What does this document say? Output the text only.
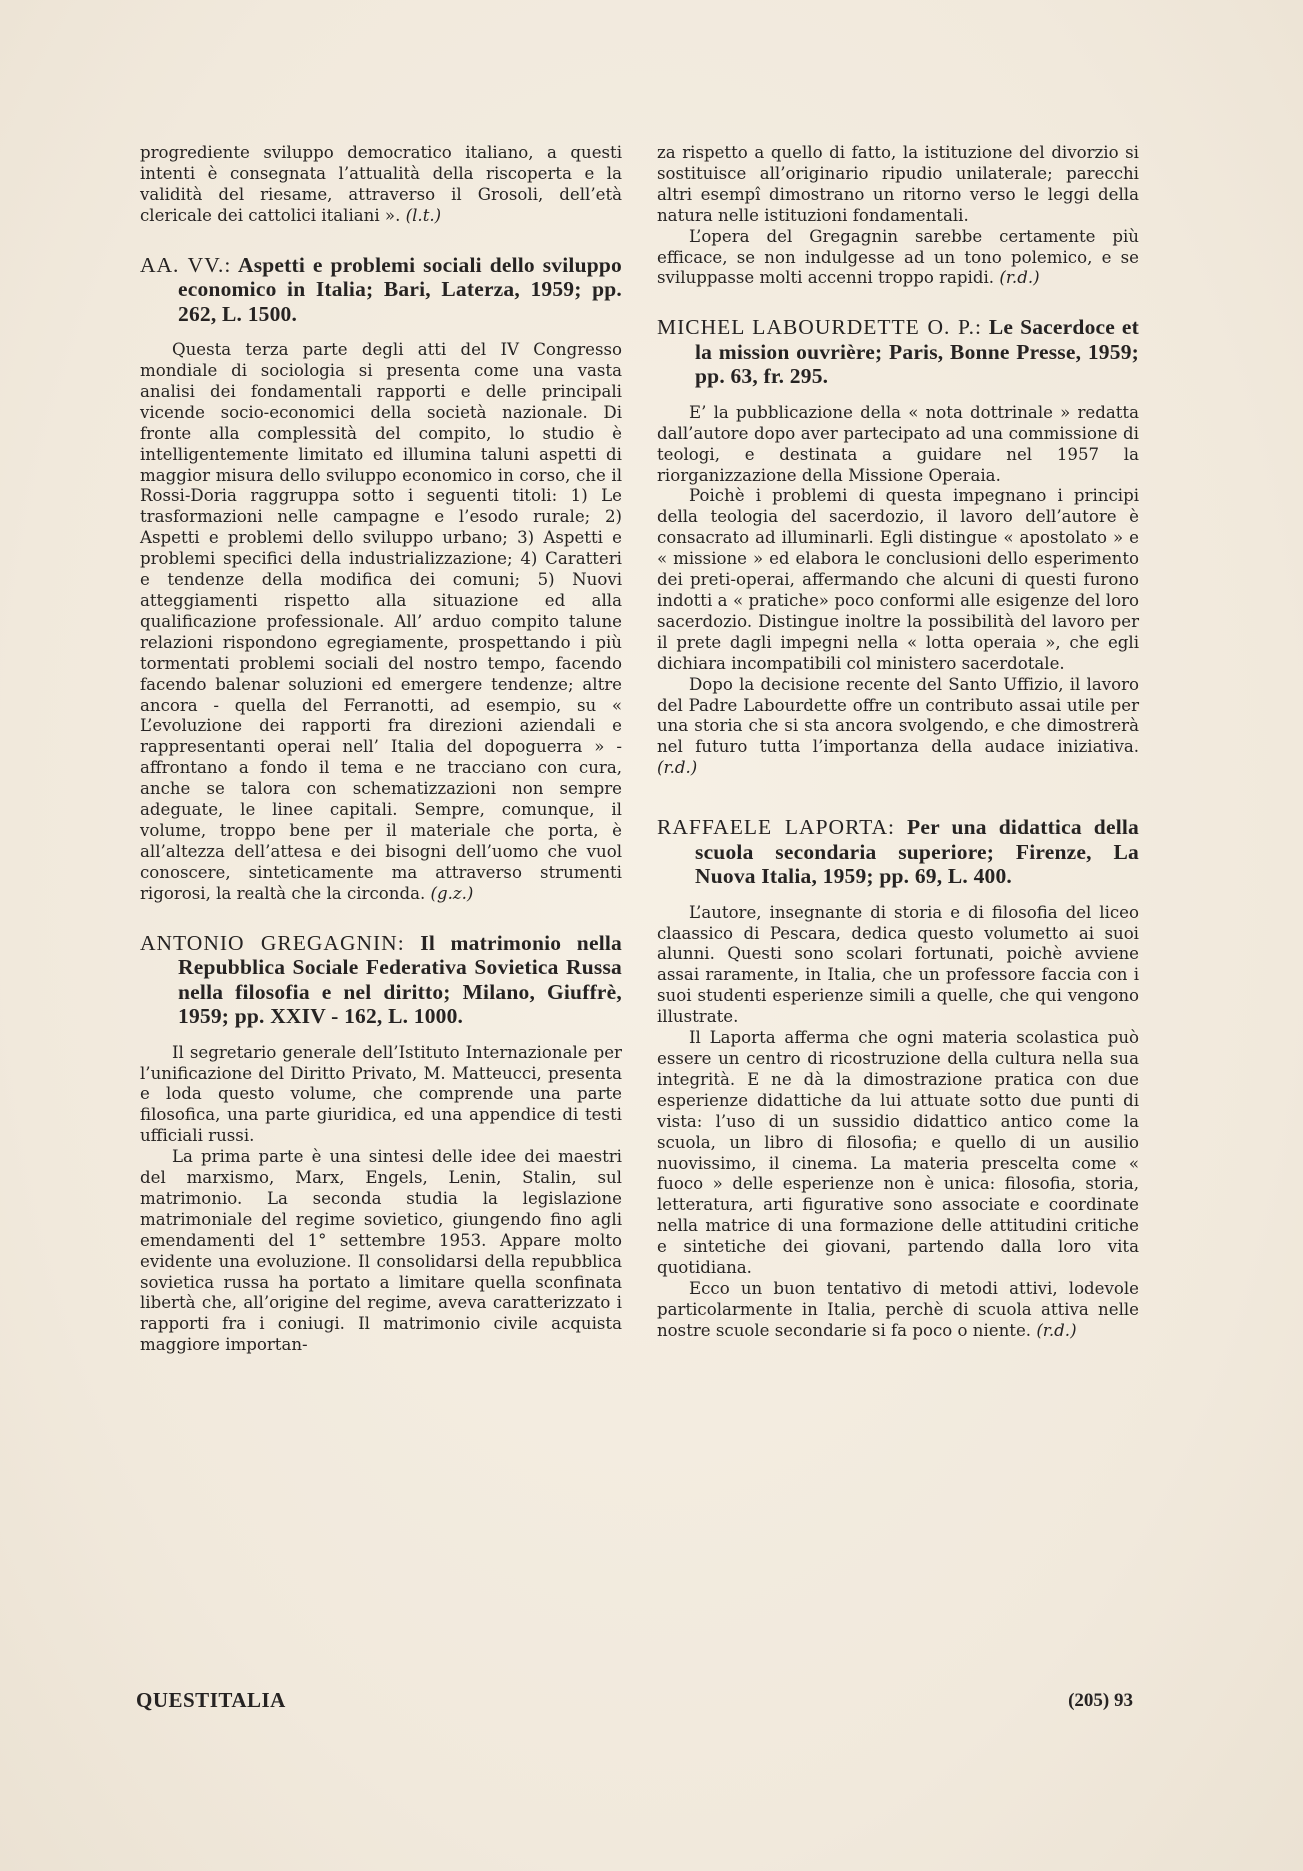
progrediente sviluppo democratico italiano, a questi intenti è consegnata l’attualità della riscoperta e la validità del riesame, attraverso il Grosoli, dell’età clericale dei cattolici italiani ». (l.t.)

AA. VV.: Aspetti e problemi sociali dello sviluppo economico in Italia; Bari, Laterza, 1959; pp. 262, L. 1500.

Questa terza parte degli atti del IV Congresso mondiale di sociologia si presenta come una vasta analisi dei fondamentali rapporti e delle principali vicende socio-economici della società nazionale. Di fronte alla complessità del compito, lo studio è intelligentemente limitato ed illumina taluni aspetti di maggior misura dello sviluppo economico in corso, che il Rossi-Doria raggruppa sotto i seguenti titoli: 1) Le trasformazioni nelle campagne e l’esodo rurale; 2) Aspetti e problemi dello sviluppo urbano; 3) Aspetti e problemi specifici della industrializzazione; 4) Caratteri e tendenze della modifica dei comuni; 5) Nuovi atteggiamenti rispetto alla situazione ed alla qualificazione professionale. All’ arduo compito talune relazioni rispondono egregiamente, prospettando i più tormentati problemi sociali del nostro tempo, facendo facendo balenar soluzioni ed emergere tendenze; altre ancora - quella del Ferranotti, ad esempio, su « L’evoluzione dei rapporti fra direzioni aziendali e rappresentanti operai nell’ Italia del dopoguerra » - affrontano a fondo il tema e ne tracciano con cura, anche se talora con schematizzazioni non sempre adeguate, le linee capitali. Sempre, comunque, il volume, troppo bene per il materiale che porta, è all’altezza dell’attesa e dei bisogni dell’uomo che vuol conoscere, sinteticamente ma attraverso strumenti rigorosi, la realtà che la circonda. (g.z.)

ANTONIO GREGAGNIN: Il matrimonio nella Repubblica Sociale Federativa Sovietica Russa nella filosofia e nel diritto; Milano, Giuffrè, 1959; pp. XXIV - 162, L. 1000.

Il segretario generale dell’Istituto Internazionale per l’unificazione del Diritto Privato, M. Matteucci, presenta e loda questo volume, che comprende una parte filosofica, una parte giuridica, ed una appendice di testi ufficiali russi.

La prima parte è una sintesi delle idee dei maestri del marxismo, Marx, Engels, Lenin, Stalin, sul matrimonio. La seconda studia la legislazione matrimoniale del regime sovietico, giungendo fino agli emendamenti del 1° settembre 1953. Appare molto evidente una evoluzione. Il consolidarsi della repubblica sovietica russa ha portato a limitare quella sconfinata libertà che, all’origine del regime, aveva caratterizzato i rapporti fra i coniugi. Il matrimonio civile acquista maggiore importan-

za rispetto a quello di fatto, la istituzione del divorzio si sostituisce all’originario ripudio unilaterale; parecchi altri esempî dimostrano un ritorno verso le leggi della natura nelle istituzioni fondamentali.

L’opera del Gregagnin sarebbe certamente più efficace, se non indulgesse ad un tono polemico, e se sviluppasse molti accenni troppo rapidi. (r.d.)

MICHEL LABOURDETTE O. P.: Le Sacerdoce et la mission ouvrière; Paris, Bonne Presse, 1959; pp. 63, fr. 295.

E’ la pubblicazione della « nota dottrinale » redatta dall’autore dopo aver partecipato ad una commissione di teologi, e destinata a guidare nel 1957 la riorganizzazione della Missione Operaia.

Poichè i problemi di questa impegnano i principi della teologia del sacerdozio, il lavoro dell’autore è consacrato ad illuminarli. Egli distingue « apostolato » e « missione » ed elabora le conclusioni dello esperimento dei preti-operai, affermando che alcuni di questi furono indotti a « pratiche» poco conformi alle esigenze del loro sacerdozio. Distingue inoltre la possibilità del lavoro per il prete dagli impegni nella « lotta operaia », che egli dichiara incompatibili col ministero sacerdotale.

Dopo la decisione recente del Santo Uffizio, il lavoro del Padre Labourdette offre un contributo assai utile per una storia che si sta ancora svolgendo, e che dimostrerà nel futuro tutta l’importanza della audace iniziativa. (r.d.)

RAFFAELE LAPORTA: Per una didattica della scuola secondaria superiore; Firenze, La Nuova Italia, 1959; pp. 69, L. 400.

L’autore, insegnante di storia e di filosofia del liceo claassico di Pescara, dedica questo volumetto ai suoi alunni. Questi sono scolari fortunati, poichè avviene assai raramente, in Italia, che un professore faccia con i suoi studenti esperienze simili a quelle, che qui vengono illustrate.

Il Laporta afferma che ogni materia scolastica può essere un centro di ricostruzione della cultura nella sua integrità. E ne dà la dimostrazione pratica con due esperienze didattiche da lui attuate sotto due punti di vista: l’uso di un sussidio didattico antico come la scuola, un libro di filosofia; e quello di un ausilio nuovissimo, il cinema. La materia prescelta come « fuoco » delle esperienze non è unica: filosofia, storia, letteratura, arti figurative sono associate e coordinate nella matrice di una formazione delle attitudini critiche e sintetiche dei giovani, partendo dalla loro vita quotidiana.

Ecco un buon tentativo di metodi attivi, lodevole particolarmente in Italia, perchè di scuola attiva nelle nostre scuole secondarie si fa poco o niente. (r.d.)

QUESTITALIA	(205) 93
